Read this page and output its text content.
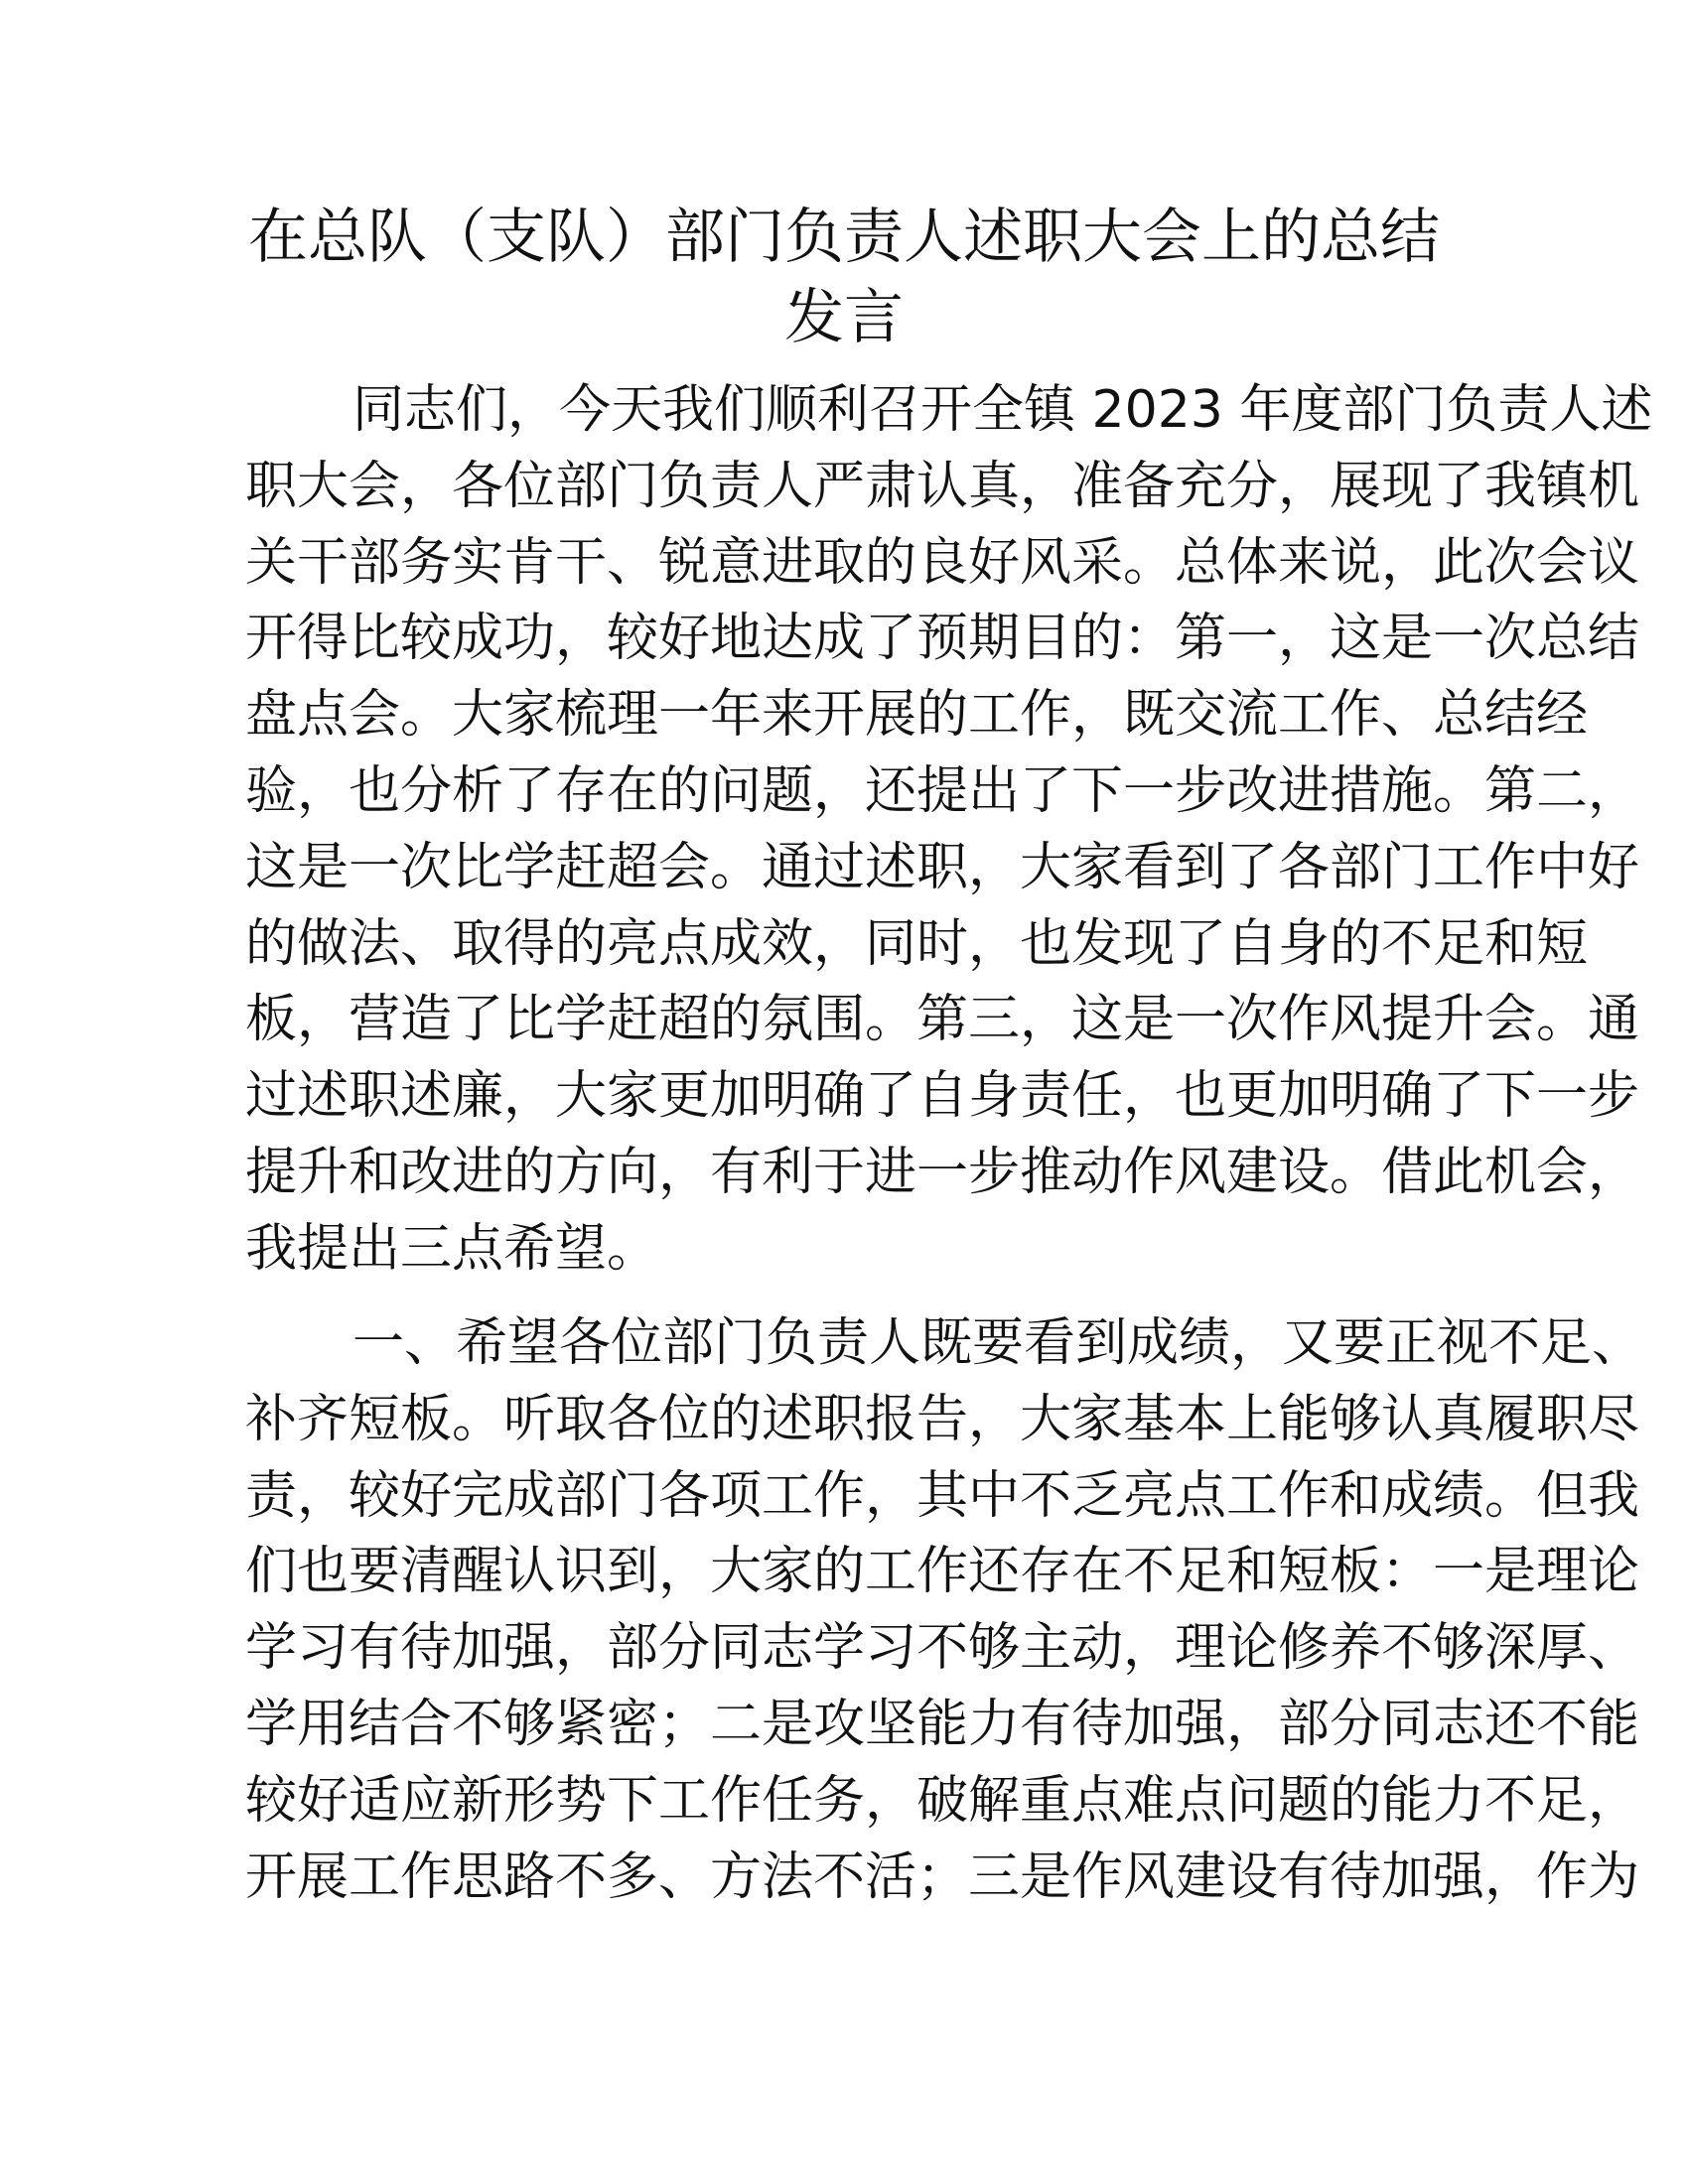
在总队（支队）部门负责人述职大会上的总结
发言
同志们，今天我们顺利召开全镇 2023 年度部门负责人述
职大会，各位部门负责人严肃认真，准备充分，展现了我镇机
关干部务实肯干、锐意进取的良好风采。总体来说，此次会议
开得比较成功，较好地达成了预期目的：第一，这是一次总结
盘点会。大家梳理一年来开展的工作，既交流工作、总结经
验，也分析了存在的问题，还提出了下一步改进措施。第二，
这是一次比学赶超会。通过述职，大家看到了各部门工作中好
的做法、取得的亮点成效，同时，也发现了自身的不足和短
板，营造了比学赶超的氛围。第三，这是一次作风提升会。通
过述职述廉，大家更加明确了自身责任，也更加明确了下一步
提升和改进的方向，有利于进一步推动作风建设。借此机会，
我提出三点希望。
一、希望各位部门负责人既要看到成绩，又要正视不足、
补齐短板。听取各位的述职报告，大家基本上能够认真履职尽
责，较好完成部门各项工作，其中不乏亮点工作和成绩。但我
们也要清醒认识到，大家的工作还存在不足和短板：一是理论
学习有待加强，部分同志学习不够主动，理论修养不够深厚、
学用结合不够紧密；二是攻坚能力有待加强，部分同志还不能
较好适应新形势下工作任务，破解重点难点问题的能力不足，
开展工作思路不多、方法不活；三是作风建设有待加强，作为
